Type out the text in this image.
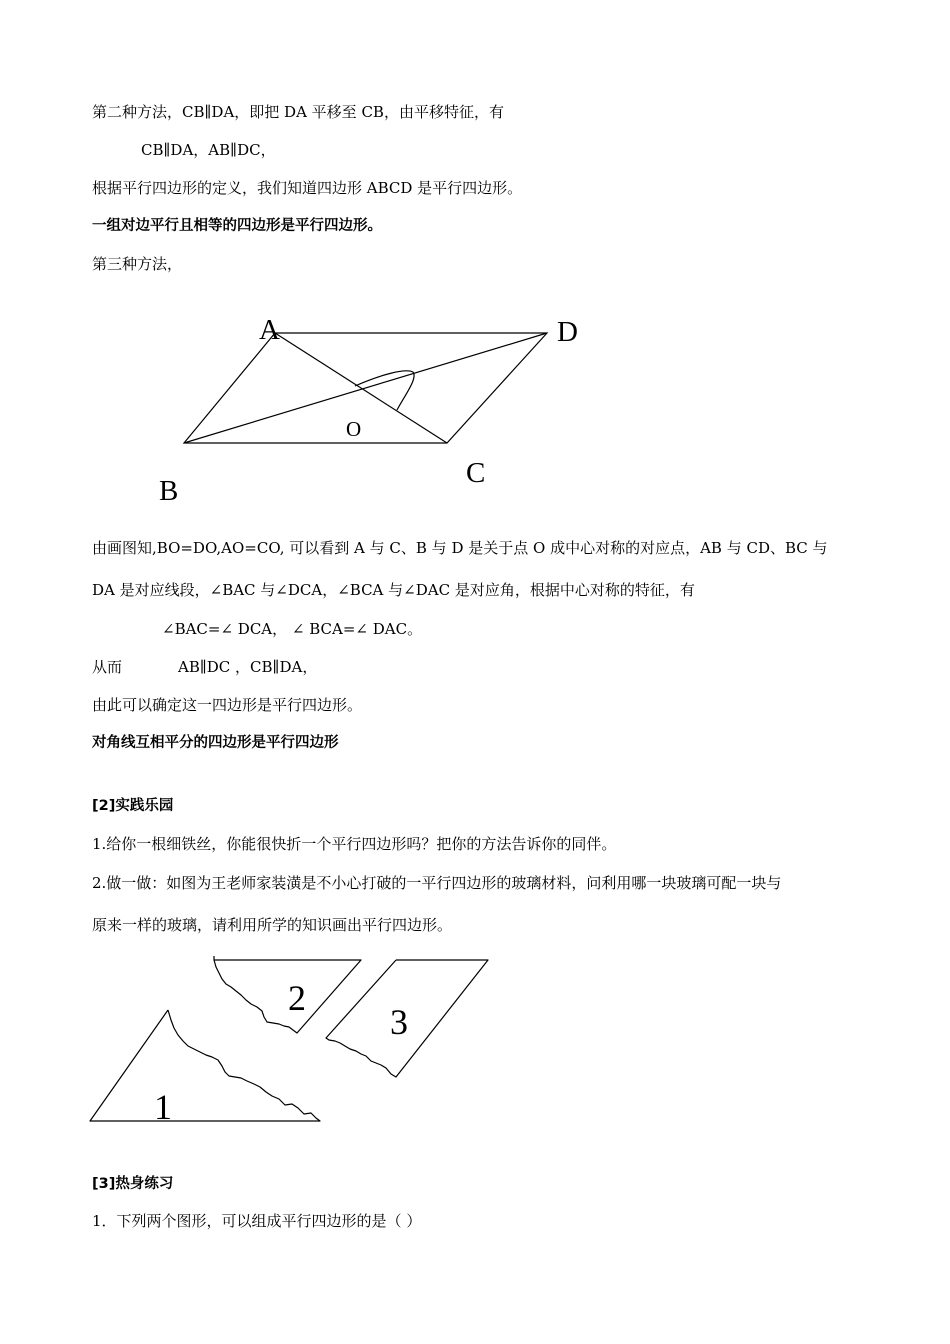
第二种方法，CB∥DA，即把 DA 平移至 CB，由平移特征，有
CB∥DA，AB∥DC，
根据平行四边形的定义，我们知道四边形 ABCD 是平行四边形。
一组对边平行且相等的四边形是平行四边形。
第三种方法，
A	D
B
C
O
1
2
3
由画图知,BO=DO,AO=CO, 可以看到 A 与 C、B 与 D 是关于点 O 成中心对称的对应点，AB 与 CD、BC 与
DA 是对应线段，∠BAC 与∠DCA，∠BCA 与∠DAC 是对应角，根据中心对称的特征，有
∠BAC=∠ DCA， ∠ BCA=∠ DAC。
从而	AB∥DC ，CB∥DA，
由此可以确定这一四边形是平行四边形。
对角线互相平分的四边形是平行四边形
[2]实践乐园
1.给你一根细铁丝，你能很快折一个平行四边形吗？把你的方法告诉你的同伴。
2.做一做：如图为王老师家装潢是不小心打破的一平行四边形的玻璃材料，问利用哪一块玻璃可配一块与
原来一样的玻璃，请利用所学的知识画出平行四边形。
[3]热身练习
1．下列两个图形，可以组成平行四边形的是（ ）
